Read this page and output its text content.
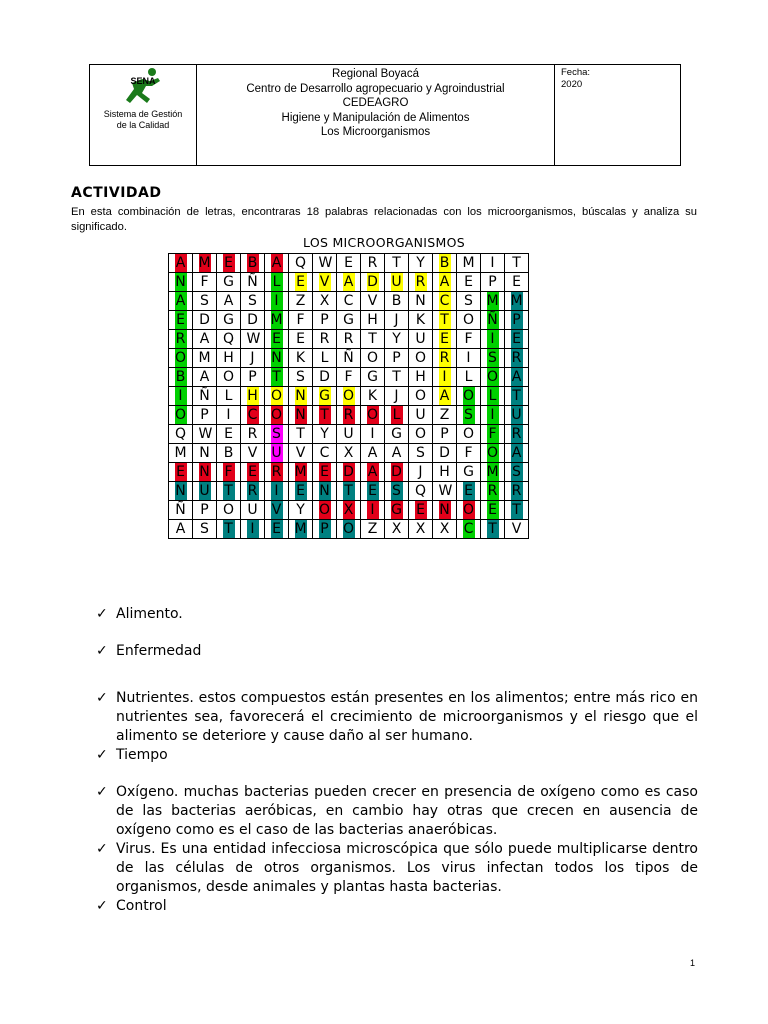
SENA
Sistema de Gestión
de la Calidad

Regional Boyacá
Centro de Desarrollo agropecuario y Agroindustrial
CEDEAGRO
Higiene y Manipulación de Alimentos
Los Microorganismos

Fecha:
2020
ACTIVIDAD
En esta combinación de letras, encontraras 18 palabras relacionadas con los microorganismos, búscalas y analiza su significado.
LOS MICROORGANISMOS
A	M	E	B	A	Q	W	E	R	T	Y	B	M	I	T
N	F	G	Ñ	L	E	V	A	D	U	R	A	E	P	E
A	S	A	S	I	Z	X	C	V	B	N	C	S	M	M
E	D	G	D	M	F	P	G	H	J	K	T	O	Ñ	P
R	A	Q	W	E	E	R	R	T	Y	U	E	F	I	E
O	M	H	J	N	K	L	Ñ	O	P	O	R	I	S	R
B	A	O	P	T	S	D	F	G	T	H	I	L	O	A
I	Ñ	L	H	O	N	G	O	K	J	O	A	O	L	T
O	P	I	C	O	N	T	R	O	L	U	Z	S	I	U
Q	W	E	R	S	T	Y	U	I	G	O	P	O	F	R
M	N	B	V	U	V	C	X	A	A	S	D	F	O	A
E	N	F	E	R	M	E	D	A	D	J	H	G	M	S
N	U	T	R	I	E	N	T	E	S	Q	W	E	R	R
Ñ	P	O	U	V	Y	O	X	I	G	E	N	O	E	T
A	S	T	I	E	M	P	O	Z	X	X	X	C	T	V
✓ Alimento.
✓ Enfermedad
✓ Nutrientes. estos compuestos están presentes en los alimentos; entre más rico en nutrientes sea, favorecerá el crecimiento de microorganismos y el riesgo que el alimento se deteriore y cause daño al ser humano.
✓ Tiempo
✓ Oxígeno. muchas bacterias pueden crecer en presencia de oxígeno como es caso de las bacterias aeróbicas, en cambio hay otras que crecen en ausencia de oxígeno como es el caso de las bacterias anaeróbicas.
✓ Virus. Es una entidad infecciosa microscópica que sólo puede multiplicarse dentro de las células de otros organismos. Los virus infectan todos los tipos de organismos, desde animales y plantas hasta bacterias.
✓ Control
1
